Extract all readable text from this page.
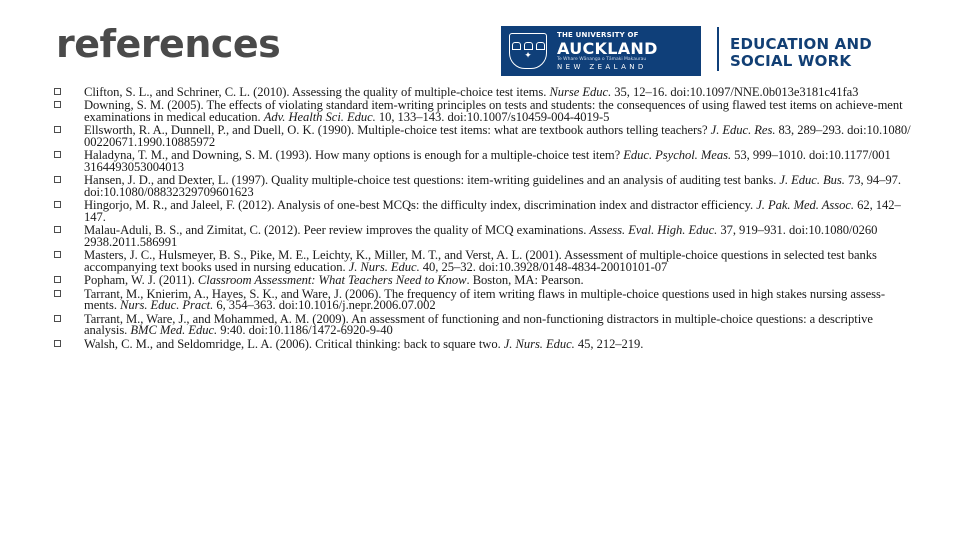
references	✦
THE UNIVERSITY OF
AUCKLAND
Te Whare Wānanga o Tāmaki Makaurau
NEW ZEALAND
EDUCATION AND
SOCIAL WORK
Clifton, S. L., and Schriner, C. L. (2010). Assessing the quality of multiple-choice test items. Nurse Educ. 35, 12–16. doi:10.1097/NNE.0b013e3181c41fa3
Downing, S. M. (2005). The effects of violating standard item-writing principles on tests and students: the consequences of using flawed test items on achieve-ment examinations in medical education. Adv. Health Sci. Educ. 10, 133–143. doi:10.1007/s10459-004-4019-5
Ellsworth, R. A., Dunnell, P., and Duell, O. K. (1990). Multiple-choice test items: what are textbook authors telling teachers? J. Educ. Res. 83, 289–293. doi:10.1080/ 00220671.1990.10885972
Haladyna, T. M., and Downing, S. M. (1993). How many options is enough for a multiple-choice test item? Educ. Psychol. Meas. 53, 999–1010. doi:10.1177/001 3164493053004013
Hansen, J. D., and Dexter, L. (1997). Quality multiple-choice test questions: item-writing guidelines and an analysis of auditing test banks. J. Educ. Bus. 73, 94–97. doi:10.1080/08832329709601623
Hingorjo, M. R., and Jaleel, F. (2012). Analysis of one-best MCQs: the difficulty index, discrimination index and distractor efficiency. J. Pak. Med. Assoc. 62, 142–147.
Malau-Aduli, B. S., and Zimitat, C. (2012). Peer review improves the quality of MCQ examinations. Assess. Eval. High. Educ. 37, 919–931. doi:10.1080/0260 2938.2011.586991
Masters, J. C., Hulsmeyer, B. S., Pike, M. E., Leichty, K., Miller, M. T., and Verst, A. L. (2001). Assessment of multiple-choice questions in selected test banks accompanying text books used in nursing education. J. Nurs. Educ. 40, 25–32. doi:10.3928/0148-4834-20010101-07
Popham, W. J. (2011). Classroom Assessment: What Teachers Need to Know. Boston, MA: Pearson.
Tarrant, M., Knierim, A., Hayes, S. K., and Ware, J. (2006). The frequency of item writing flaws in multiple-choice questions used in high stakes nursing assess-ments. Nurs. Educ. Pract. 6, 354–363. doi:10.1016/j.nepr.2006.07.002
Tarrant, M., Ware, J., and Mohammed, A. M. (2009). An assessment of functioning and non-functioning distractors in multiple-choice questions: a descriptive analysis. BMC Med. Educ. 9:40. doi:10.1186/1472-6920-9-40
Walsh, C. M., and Seldomridge, L. A. (2006). Critical thinking: back to square two. J. Nurs. Educ. 45, 212–219.
